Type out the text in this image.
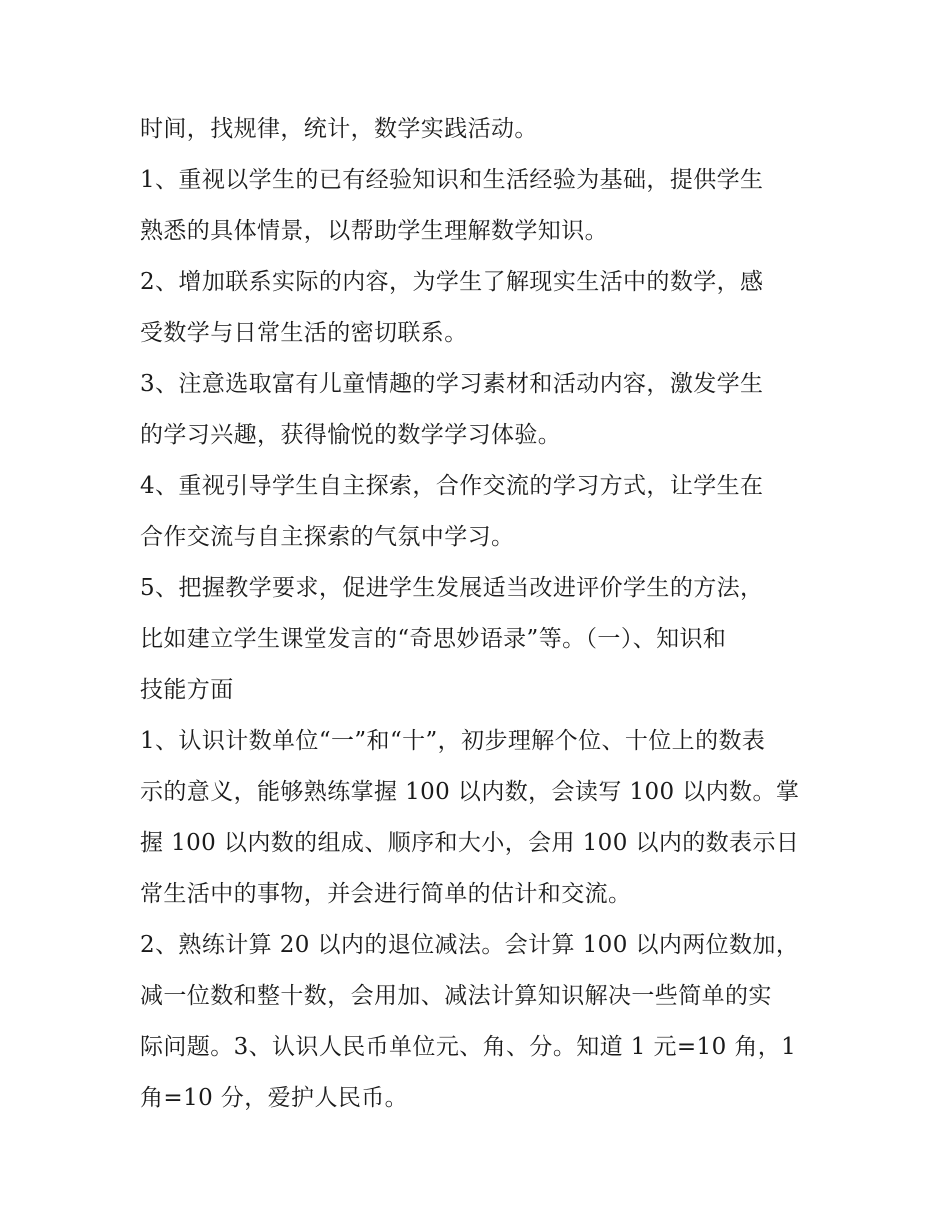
时间，找规律，统计，数学实践活动。
1、重视以学生的已有经验知识和生活经验为基础，提供学生
熟悉的具体情景，以帮助学生理解数学知识。
2、增加联系实际的内容，为学生了解现实生活中的数学，感
受数学与日常生活的密切联系。
3、注意选取富有儿童情趣的学习素材和活动内容，激发学生
的学习兴趣，获得愉悦的数学学习体验。
4、重视引导学生自主探索，合作交流的学习方式，让学生在
合作交流与自主探索的气氛中学习。
5、把握教学要求，促进学生发展适当改进评价学生的方法，
比如建立学生课堂发言的“奇思妙语录”等。（一）、知识和
技能方面
1、认识计数单位“一”和“十”，初步理解个位、十位上的数表
示的意义，能够熟练掌握 100 以内数，会读写 100 以内数。掌
握 100 以内数的组成、顺序和大小，会用 100 以内的数表示日
常生活中的事物，并会进行简单的估计和交流。
2、熟练计算 20 以内的退位减法。会计算 100 以内两位数加，
减一位数和整十数，会用加、减法计算知识解决一些简单的实
际问题。3、认识人民币单位元、角、分。知道 1 元=10 角，1
角=10 分，爱护人民币。
